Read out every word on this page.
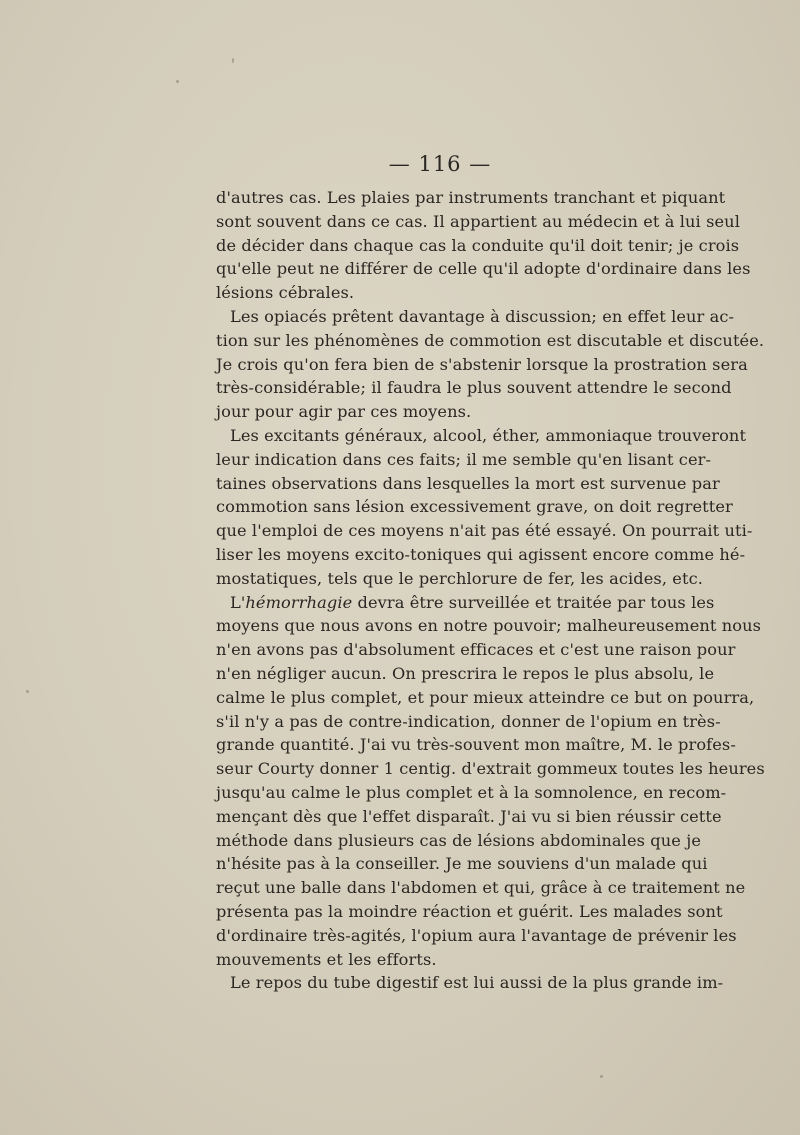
— 116 —
d'autres cas. Les plaies par instruments tranchant et piquant
sont souvent dans ce cas. Il appartient au médecin et à lui seul
de décider dans chaque cas la conduite qu'il doit tenir; je crois
qu'elle peut ne différer de celle qu'il adopte d'ordinaire dans les
lésions cébrales.
Les opiacés prêtent davantage à discussion; en effet leur ac-
tion sur les phénomènes de commotion est discutable et discutée.
Je crois qu'on fera bien de s'abstenir lorsque la prostration sera
très-considérable; il faudra le plus souvent attendre le second
jour pour agir par ces moyens.
Les excitants généraux, alcool, éther, ammoniaque trouveront
leur indication dans ces faits; il me semble qu'en lisant cer-
taines observations dans lesquelles la mort est survenue par
commotion sans lésion excessivement grave, on doit regretter
que l'emploi de ces moyens n'ait pas été essayé. On pourrait uti-
liser les moyens excito-toniques qui agissent encore comme hé-
mostatiques, tels que le perchlorure de fer, les acides, etc.
L'hémorrhagie devra être surveillée et traitée par tous les
moyens que nous avons en notre pouvoir; malheureusement nous
n'en avons pas d'absolument efficaces et c'est une raison pour
n'en négliger aucun. On prescrira le repos le plus absolu, le
calme le plus complet, et pour mieux atteindre ce but on pourra,
s'il n'y a pas de contre-indication, donner de l'opium en très-
grande quantité. J'ai vu très-souvent mon maître, M. le profes-
seur Courty donner 1 centig. d'extrait gommeux toutes les heures
jusqu'au calme le plus complet et à la somnolence, en recom-
mençant dès que l'effet disparaît. J'ai vu si bien réussir cette
méthode dans plusieurs cas de lésions abdominales que je
n'hésite pas à la conseiller. Je me souviens d'un malade qui
reçut une balle dans l'abdomen et qui, grâce à ce traitement ne
présenta pas la moindre réaction et guérit. Les malades sont
d'ordinaire très-agités, l'opium aura l'avantage de prévenir les
mouvements et les efforts.
Le repos du tube digestif est lui aussi de la plus grande im-
